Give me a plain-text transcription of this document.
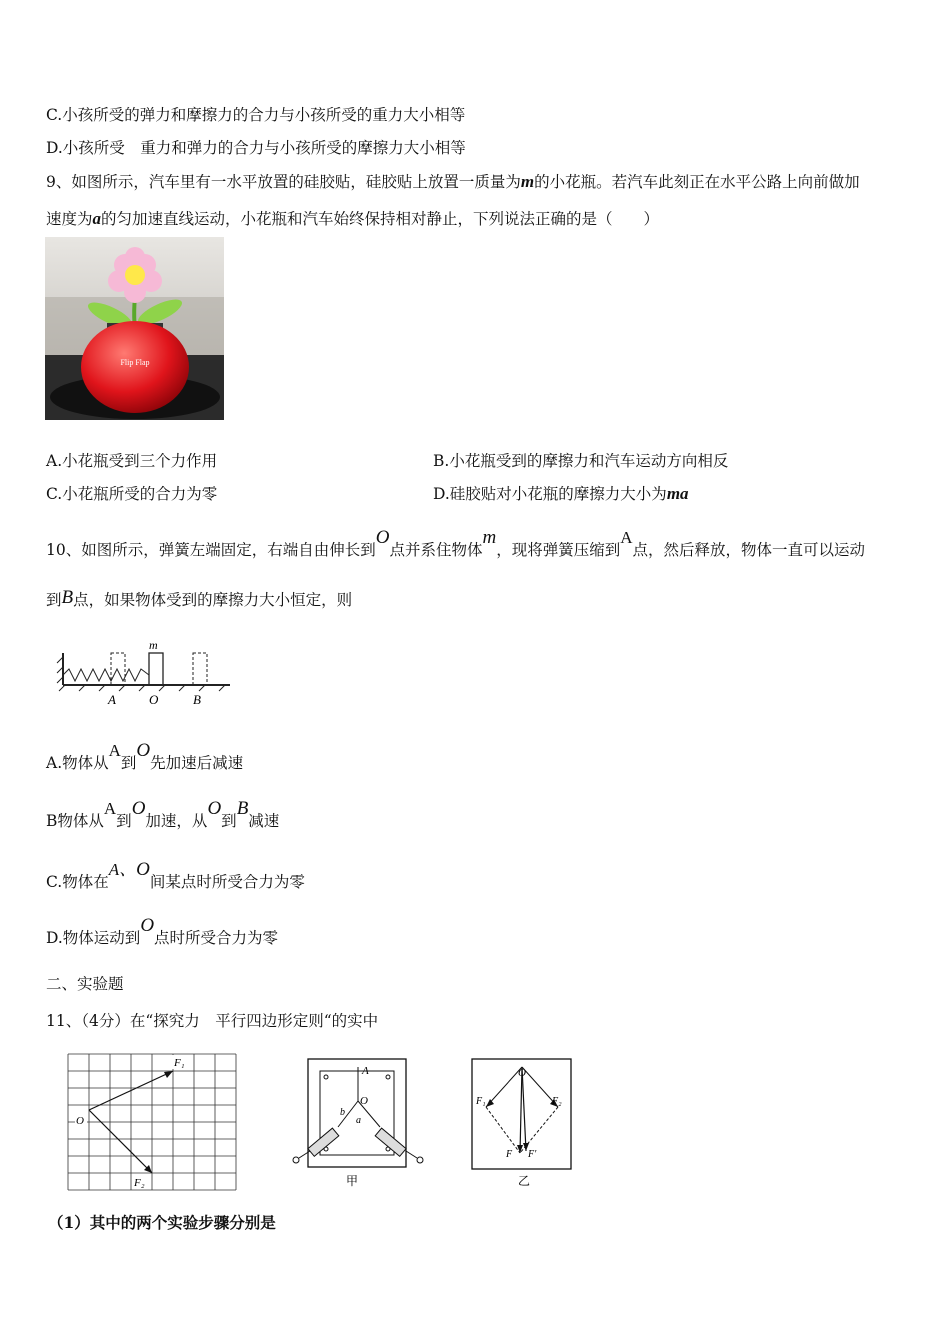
C.小孩所受的弹力和摩擦力的合力与小孩所受的重力大小相等
D.小孩所受　重力和弹力的合力与小孩所受的摩擦力大小相等
9、如图所示，汽车里有一水平放置的硅胶贴，硅胶贴上放置一质量为m的小花瓶。若汽车此刻正在水平公路上向前做加
速度为a的匀加速直线运动，小花瓶和汽车始终保持相对静止，下列说法正确的是（　　）
Flip Flap
A.小花瓶受到三个力作用	B.小花瓶受到的摩擦力和汽车运动方向相反
C.小花瓶所受的合力为零	D.硅胶贴对小花瓶的摩擦力大小为ma
10、如图所示，弹簧左端固定，右端自由伸长到O点并系住物体m，现将弹簧压缩到A点，然后释放，物体一直可以运动
到B点，如果物体受到的摩擦力大小恒定，则
m
A	O	B
A.物体从A到O先加速后减速
B物体从A到O加速，从O到B减速
C.物体在A、O间某点时所受合力为零
D.物体运动到O点时所受合力为零
二、实验题
11、（4分）在“探究力　平行四边形定则“的实中
F₁
O
F₂
A
O
b
a
甲
O
F₁	F₂
F F′
乙
（1）其中的两个实验步骤分别是
